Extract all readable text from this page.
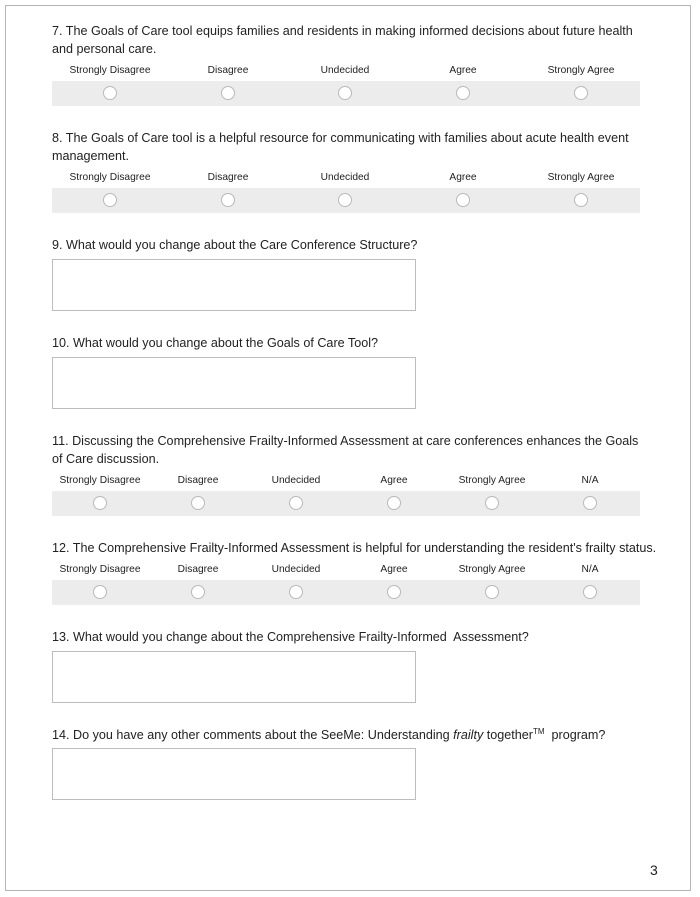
7. The Goals of Care tool equips families and residents in making informed decisions about future health and personal care.
Strongly Disagree	Disagree	Undecided	Agree	Strongly Agree
8. The Goals of Care tool is a helpful resource for communicating with families about acute health event management.
Strongly Disagree	Disagree	Undecided	Agree	Strongly Agree
9. What would you change about the Care Conference Structure?
10. What would you change about the Goals of Care Tool?
11. Discussing the Comprehensive Frailty-Informed Assessment at care conferences enhances the Goals of Care discussion.
Strongly Disagree	Disagree	Undecided	Agree	Strongly Agree	N/A
12. The Comprehensive Frailty-Informed Assessment is helpful for understanding the resident's frailty status.
Strongly Disagree	Disagree	Undecided	Agree	Strongly Agree	N/A
13. What would you change about the Comprehensive Frailty-Informed  Assessment?
14. Do you have any other comments about the SeeMe: Understanding frailty together™  program?
3
